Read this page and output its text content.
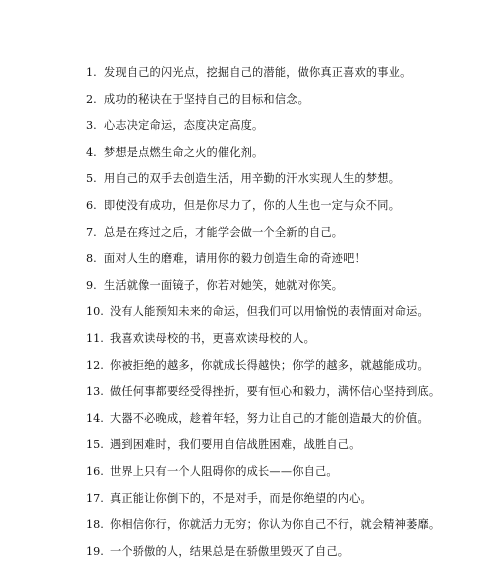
1. 发现自己的闪光点，挖掘自己的潜能，做你真正喜欢的事业。
2. 成功的秘诀在于坚持自己的目标和信念。
3. 心志决定命运，态度决定高度。
4. 梦想是点燃生命之火的催化剂。
5. 用自己的双手去创造生活，用辛勤的汗水实现人生的梦想。
6. 即使没有成功，但是你尽力了，你的人生也一定与众不同。
7. 总是在疼过之后，才能学会做一个全新的自己。
8. 面对人生的磨难，请用你的毅力创造生命的奇迹吧！
9. 生活就像一面镜子，你若对她笑，她就对你笑。
10. 没有人能预知未来的命运，但我们可以用愉悦的表情面对命运。
11. 我喜欢读母校的书，更喜欢读母校的人。
12. 你被拒绝的越多，你就成长得越快；你学的越多，就越能成功。
13. 做任何事都要经受得挫折，要有恒心和毅力，满怀信心坚持到底。
14. 大器不必晚成，趁着年轻，努力让自己的才能创造最大的价值。
15. 遇到困难时，我们要用自信战胜困难，战胜自己。
16. 世界上只有一个人阻碍你的成长——你自己。
17. 真正能让你倒下的，不是对手，而是你绝望的内心。
18. 你相信你行，你就活力无穷；你认为你自己不行，就会精神萎靡。
19. 一个骄傲的人，结果总是在骄傲里毁灭了自己。
